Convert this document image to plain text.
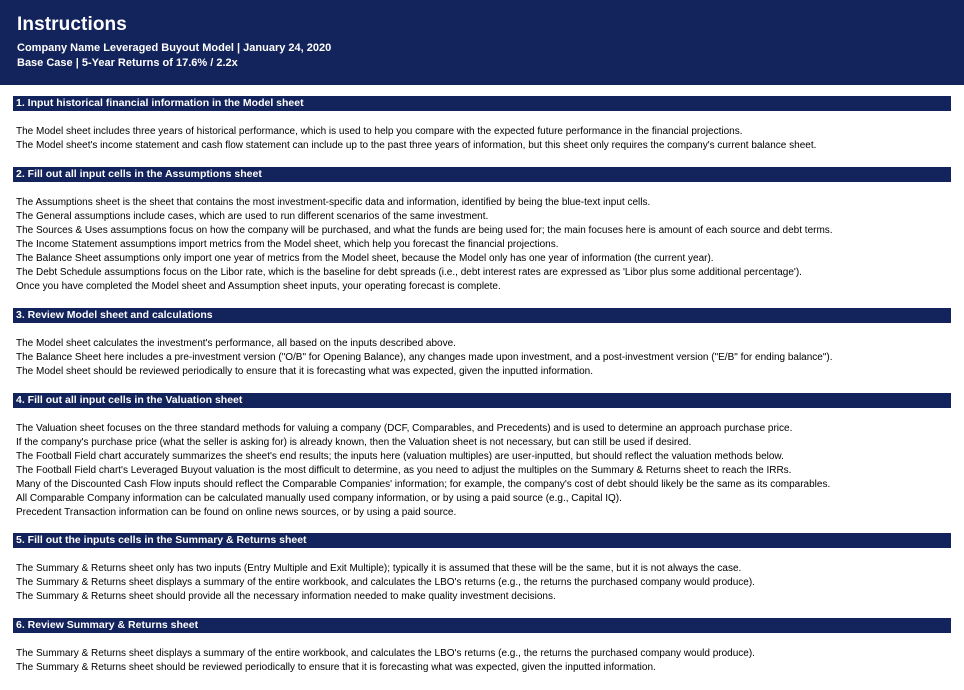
Instructions
Company Name Leveraged Buyout Model | January 24, 2020
Base Case | 5-Year Returns of 17.6% / 2.2x
1. Input historical financial information in the Model sheet
The Model sheet includes three years of historical performance, which is used to help you compare with the expected future performance in the financial projections.
The Model sheet's income statement and cash flow statement can include up to the past three years of information, but this sheet only requires the company's current balance sheet.
2. Fill out all input cells in the Assumptions sheet
The Assumptions sheet is the sheet that contains the most investment-specific data and information, identified by being the blue-text input cells.
The General assumptions include cases, which are used to run different scenarios of the same investment.
The Sources & Uses assumptions focus on how the company will be purchased, and what the funds are being used for; the main focuses here is amount of each source and debt terms.
The Income Statement assumptions import metrics from the Model sheet, which help you forecast the financial projections.
The Balance Sheet assumptions only import one year of metrics from the Model sheet, because the Model only has one year of information (the current year).
The Debt Schedule assumptions focus on the Libor rate, which is the baseline for debt spreads (i.e., debt interest rates are expressed as 'Libor plus some additional percentage').
Once you have completed the Model sheet and Assumption sheet inputs, your operating forecast is complete.
3. Review Model sheet and calculations
The Model sheet calculates the investment's performance, all based on the inputs described above.
The Balance Sheet here includes a pre-investment version ("O/B" for Opening Balance), any changes made upon investment, and a post-investment version ("E/B" for ending balance").
The Model sheet should be reviewed periodically to ensure that it is forecasting what was expected, given the inputted information.
4. Fill out all input cells in the Valuation sheet
The Valuation sheet focuses on the three standard methods for valuing a company (DCF, Comparables, and Precedents) and is used to determine an approach purchase price.
If the company's purchase price (what the seller is asking for) is already known, then the Valuation sheet is not necessary, but can still be used if desired.
The Football Field chart accurately summarizes the sheet's end results; the inputs here (valuation multiples) are user-inputted, but should reflect the valuation methods below.
The Football Field chart's Leveraged Buyout valuation is the most difficult to determine, as you need to adjust the multiples on the Summary & Returns sheet to reach the IRRs.
Many of the Discounted Cash Flow inputs should reflect the Comparable Companies' information; for example, the company's cost of debt should likely be the same as its comparables.
All Comparable Company information can be calculated manually used company information, or by using a paid source (e.g., Capital IQ).
Precedent Transaction information can be found on online news sources, or by using a paid source.
5. Fill out the inputs cells in the Summary & Returns sheet
The Summary & Returns sheet only has two inputs (Entry Multiple and Exit Multiple); typically it is assumed that these will be the same, but it is not always the case.
The Summary & Returns sheet displays a summary of the entire workbook, and calculates the LBO's returns (e.g., the returns the purchased company would produce).
The Summary & Returns sheet should provide all the necessary information needed to make quality investment decisions.
6. Review Summary & Returns sheet
The Summary & Returns sheet displays a summary of the entire workbook, and calculates the LBO's returns (e.g., the returns the purchased company would produce).
The Summary & Returns sheet should be reviewed periodically to ensure that it is forecasting what was expected, given the inputted information.
